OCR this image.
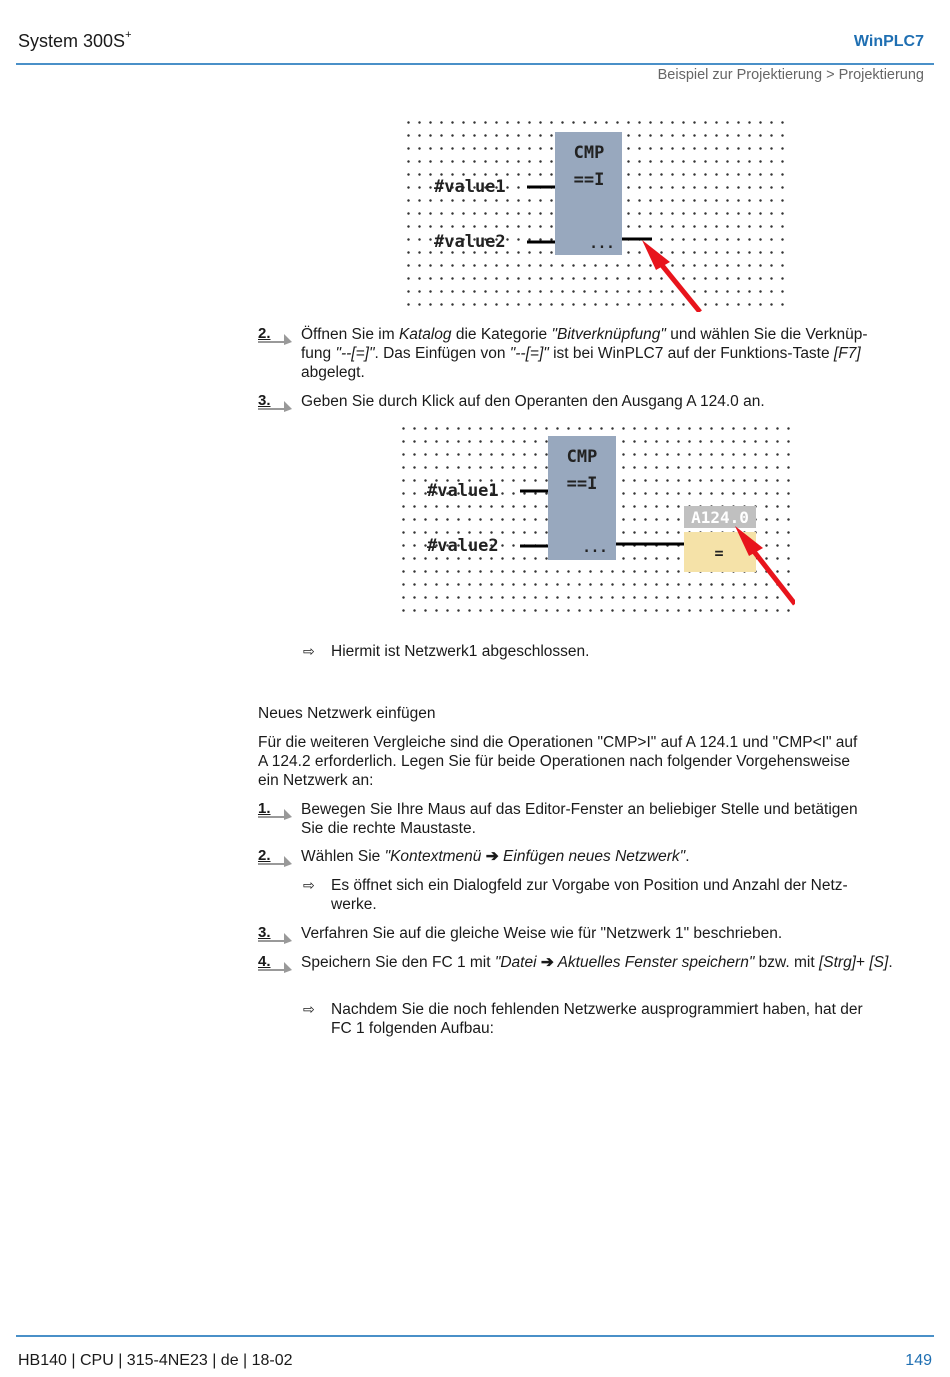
System 300S+	WinPLC7
Beispiel zur Projektierung > Projektierung
CMP
==I
...
#value1
#value2
2. Öffnen Sie im Katalog die Kategorie "Bitverknüpfung" und wählen Sie die Verknüp-
fung "--[=]". Das Einfügen von "--[=]" ist bei WinPLC7 auf der Funktions-Taste [F7]
abgelegt.
3. Geben Sie durch Klick auf den Operanten den Ausgang A 124.0 an.
CMP
==I
...
#value1
#value2
A124.0
=
⇨ Hiermit ist Netzwerk1 abgeschlossen.
Neues Netzwerk einfügen
Für die weiteren Vergleiche sind die Operationen "CMP>I" auf A 124.1 und "CMP<I" auf
A 124.2 erforderlich. Legen Sie für beide Operationen nach folgender Vorgehensweise
ein Netzwerk an:
1. Bewegen Sie Ihre Maus auf das Editor-Fenster an beliebiger Stelle und betätigen
Sie die rechte Maustaste.
2. Wählen Sie "Kontextmenü ➔ Einfügen neues Netzwerk".
⇨ Es öffnet sich ein Dialogfeld zur Vorgabe von Position und Anzahl der Netz-
werke.
3. Verfahren Sie auf die gleiche Weise wie für "Netzwerk 1" beschrieben.
4. Speichern Sie den FC 1 mit "Datei ➔ Aktuelles Fenster speichern" bzw. mit [Strg]+ [S].
⇨ Nachdem Sie die noch fehlenden Netzwerke ausprogrammiert haben, hat der
FC 1 folgenden Aufbau:
HB140 | CPU | 315-4NE23 | de | 18-02	149
